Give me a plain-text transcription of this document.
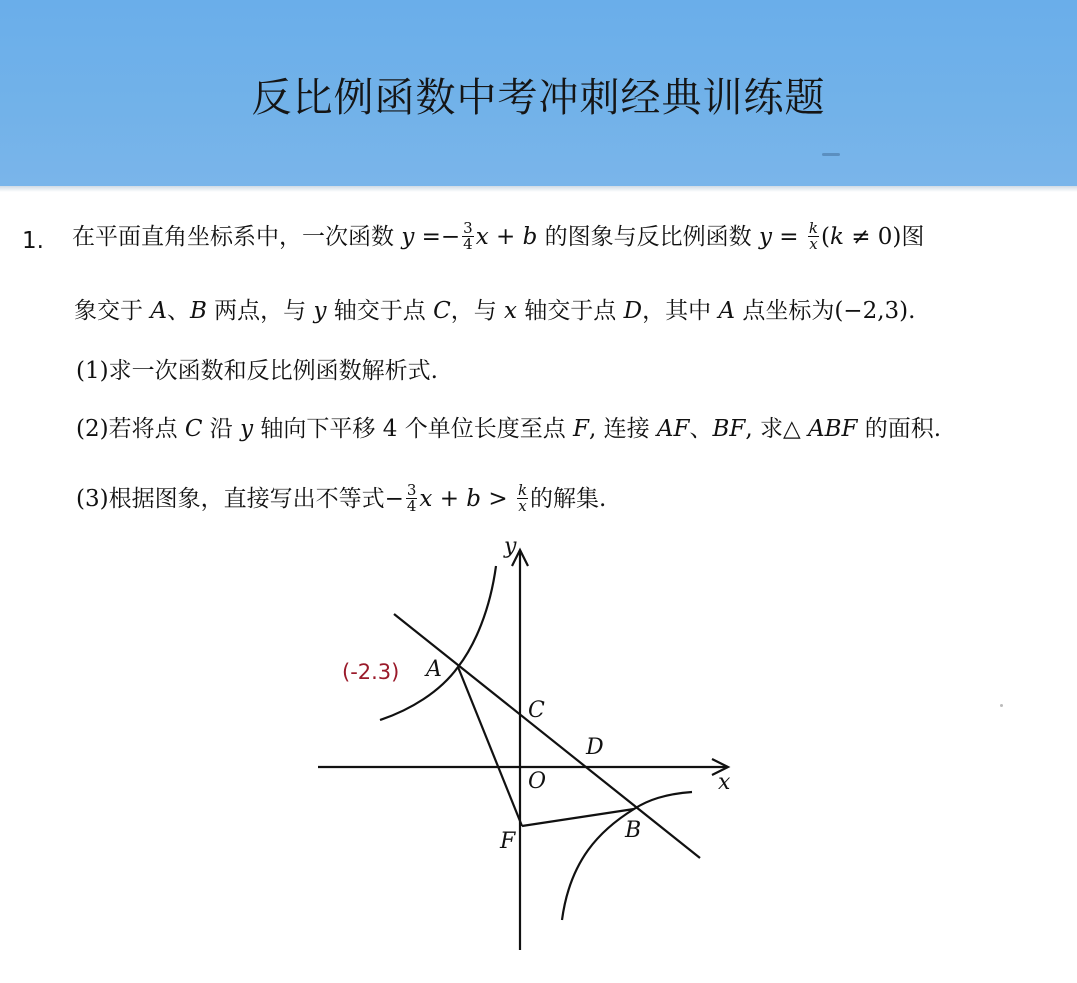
反比例函数中考冲刺经典训练题
1. 在平面直角坐标系中，一次函数 $y =- \frac{3}{4}$ x + b 的图象与反比例函数 $y = \frac{k}{x} (k \ne 0)$图
象交于 A、B 两点，与 y 轴交于点 C，与 x 轴交于点 D，其中 A 点坐标为(−2,3).
(1)求一次函数和反比例函数解析式.
(2)若将点 C 沿 y 轴向下平移 4 个单位长度至点 F, 连接 AF、BF, 求△ ABF 的面积.
(3)根据图象，直接写出不等式− $\frac{3}{4}$ $x + b > \frac{k}{x}$ 的解集.
y
x
A
C
D
O
F	B
(-2.3)
